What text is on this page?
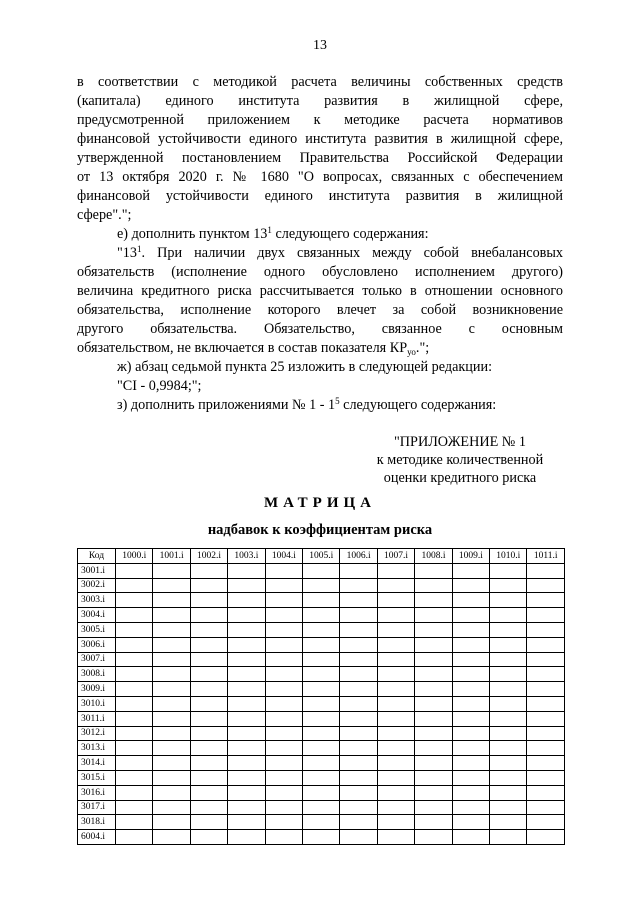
13
в соответствии с методикой расчета величины собственных средств
(капитала) единого института развития в жилищной сфере,
предусмотренной приложением к методике расчета нормативов
финансовой устойчивости единого института развития в жилищной сфере,
утвержденной постановлением Правительства Российской Федерации
от 13 октября 2020 г. № 1680 "О вопросах, связанных с обеспечением
финансовой устойчивости единого института развития в жилищной
сфере".";
е) дополнить пунктом $13^1$ следующего содержания:
"$13^1$. При наличии двух связанных между собой внебалансовых
обязательств (исполнение одного обусловлено исполнением другого)
величина кредитного риска рассчитывается только в отношении основного
обязательства, исполнение которого влечет за собой возникновение
другого обязательства. Обязательство, связанное с основным
обязательством, не включается в состав показателя $КР_{уо}$.";
ж) абзац седьмой пункта 25 изложить в следующей редакции:
"CI - 0,9984;";
з) дополнить приложениями № $1 - 1^5$ следующего содержания:
"ПРИЛОЖЕНИЕ № 1
к методике количественной
оценки кредитного риска
МАТРИЦА
надбавок к коэффициентам риска
Код	1000.i	1001.i	1002.i	1003.i	1004.i	1005.i	1006.i	1007.i	1008.i	1009.i	1010.i	1011.i
3001.i												
3002.i												
3003.i												
3004.i												
3005.i												
3006.i												
3007.i												
3008.i												
3009.i												
3010.i												
3011.i												
3012.i												
3013.i												
3014.i												
3015.i												
3016.i												
3017.i												
3018.i												
6004.i												
